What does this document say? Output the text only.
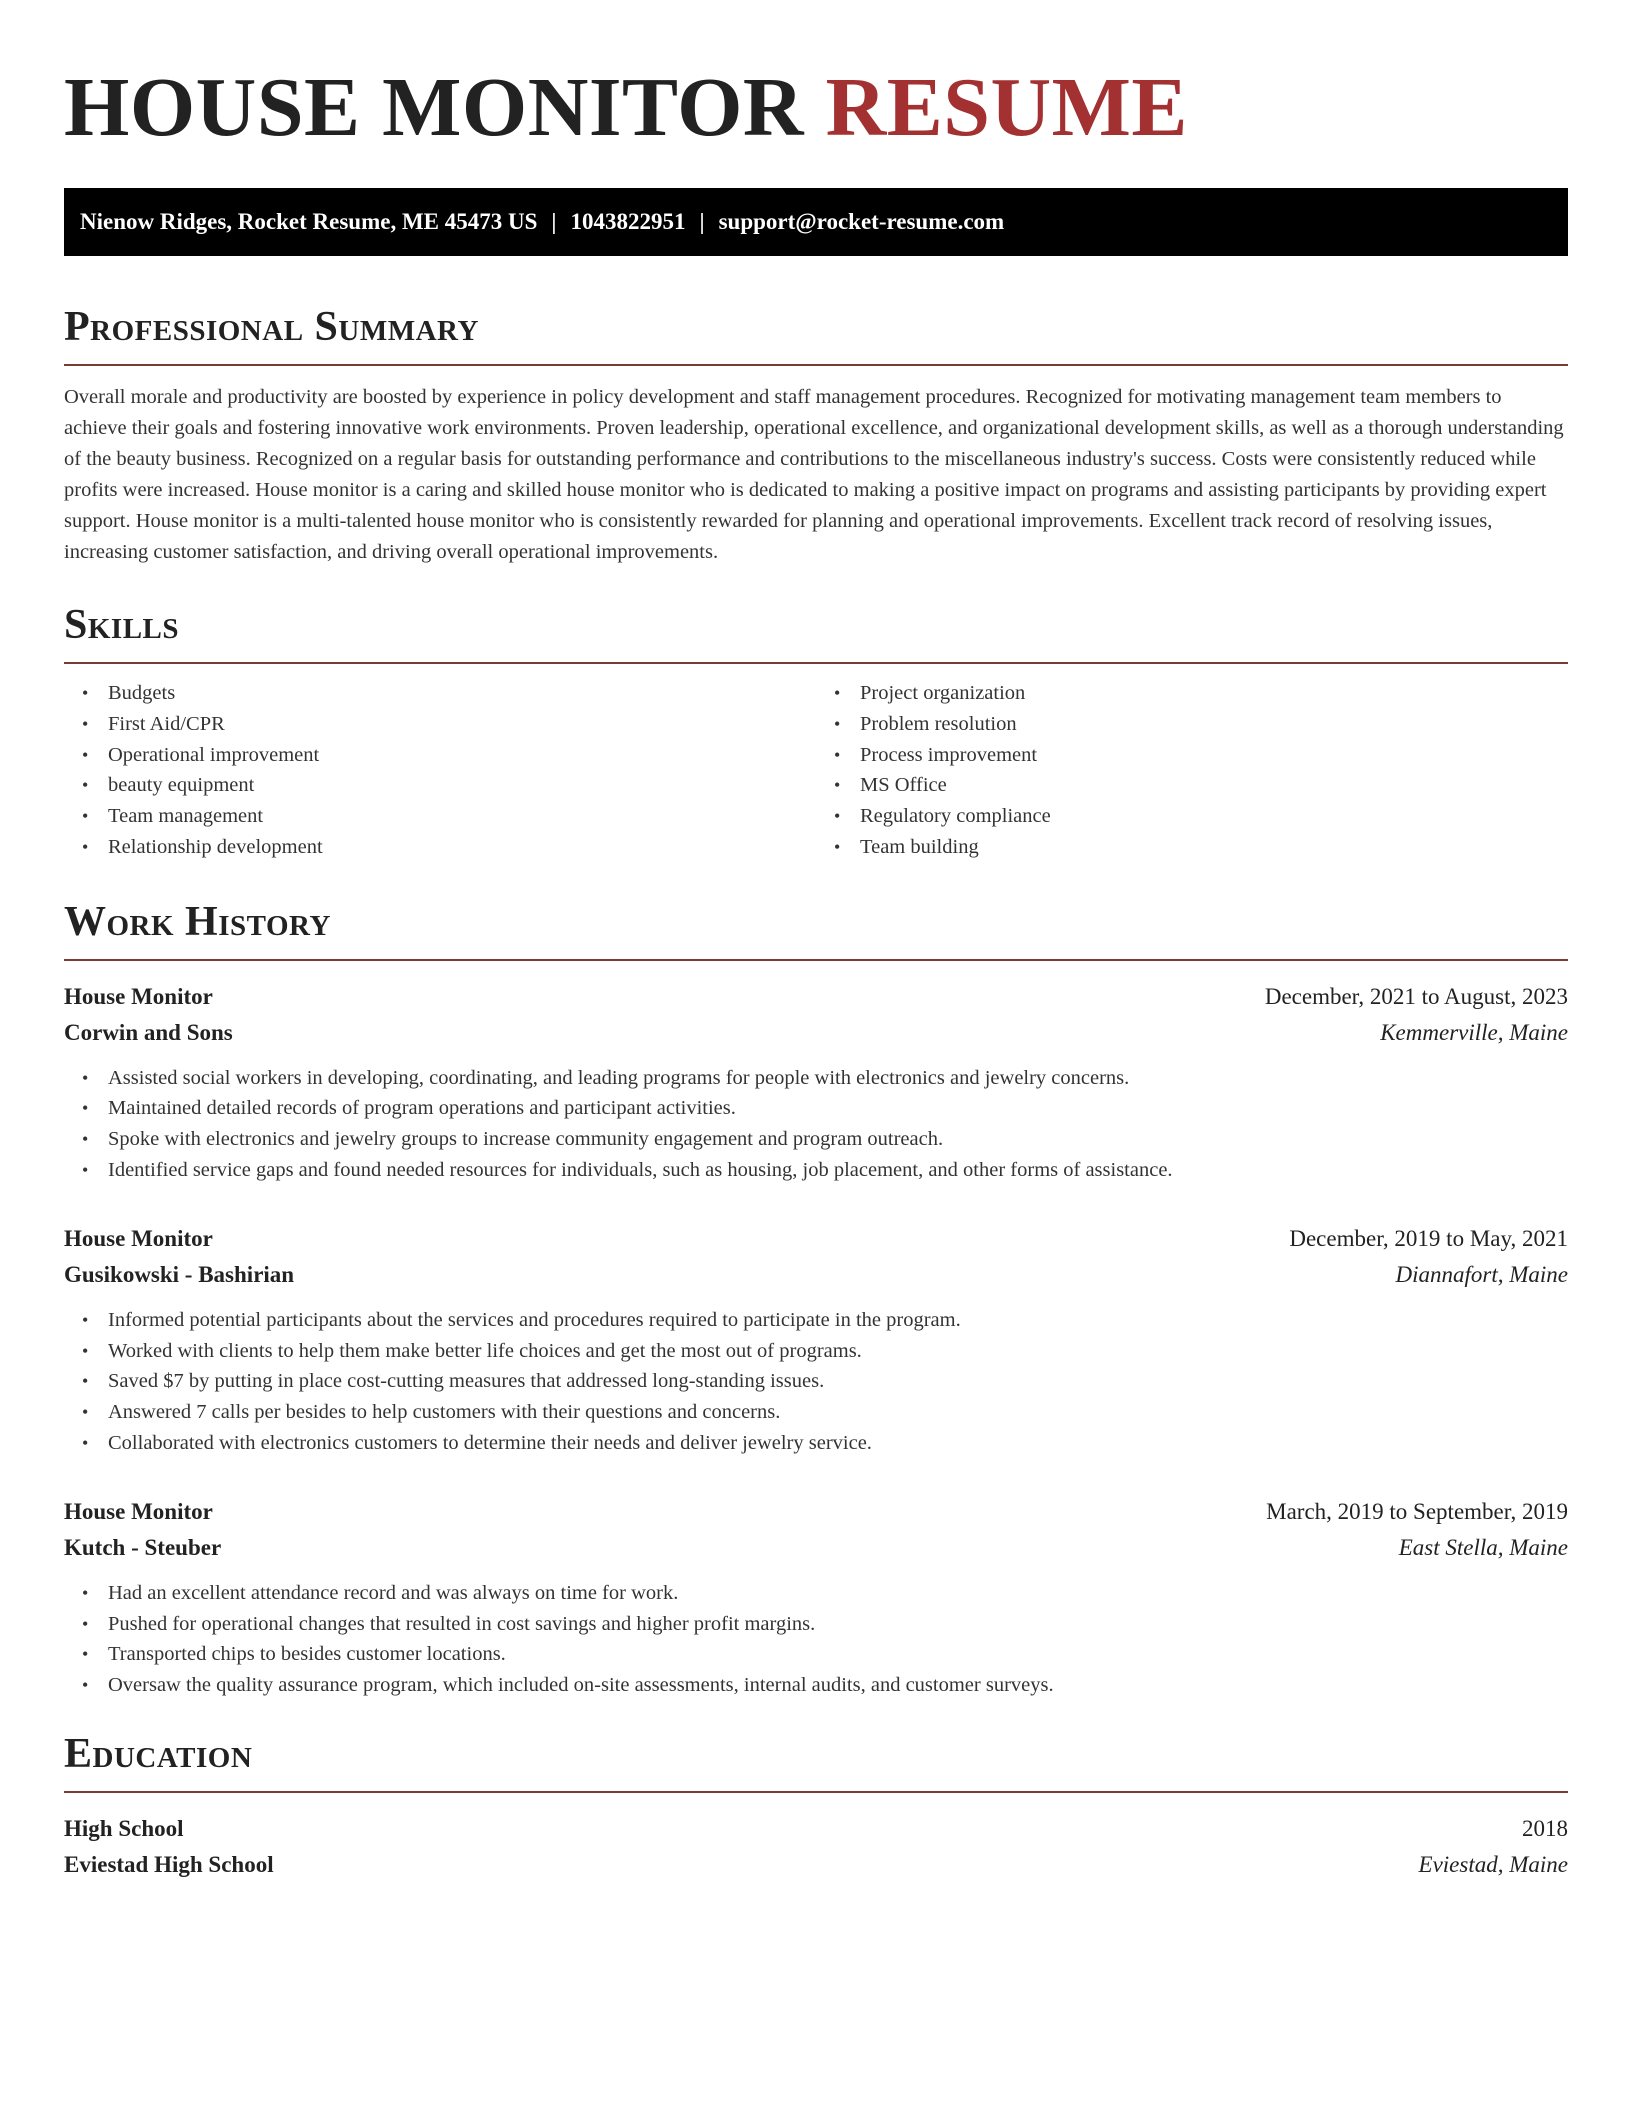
HOUSE MONITOR RESUME
Nienow Ridges, Rocket Resume, ME 45473 US | 1043822951 | support@rocket-resume.com
Professional Summary

Overall morale and productivity are boosted by experience in policy development and staff management procedures. Recognized for motivating management team members to achieve their goals and fostering innovative work environments. Proven leadership, operational excellence, and organizational development skills, as well as a thorough understanding of the beauty business. Recognized on a regular basis for outstanding performance and contributions to the miscellaneous industry's success. Costs were consistently reduced while profits were increased. House monitor is a caring and skilled house monitor who is dedicated to making a positive impact on programs and assisting participants by providing expert support. House monitor is a multi-talented house monitor who is consistently rewarded for planning and operational improvements. Excellent track record of resolving issues, increasing customer satisfaction, and driving overall operational improvements.

Skills
• Budgets
• First Aid/CPR
• Operational improvement
• beauty equipment
• Team management
• Relationship development
• Project organization
• Problem resolution
• Process improvement
• MS Office
• Regulatory compliance
• Team building
Work History
House Monitor	December, 2021 to August, 2023
Corwin and Sons	Kemmerville, Maine
• Assisted social workers in developing, coordinating, and leading programs for people with electronics and jewelry concerns.
• Maintained detailed records of program operations and participant activities.
• Spoke with electronics and jewelry groups to increase community engagement and program outreach.
• Identified service gaps and found needed resources for individuals, such as housing, job placement, and other forms of assistance.
House Monitor	December, 2019 to May, 2021
Gusikowski - Bashirian	Diannafort, Maine
• Informed potential participants about the services and procedures required to participate in the program.
• Worked with clients to help them make better life choices and get the most out of programs.
• Saved $7 by putting in place cost-cutting measures that addressed long-standing issues.
• Answered 7 calls per besides to help customers with their questions and concerns.
• Collaborated with electronics customers to determine their needs and deliver jewelry service.
House Monitor	March, 2019 to September, 2019
Kutch - Steuber	East Stella, Maine
• Had an excellent attendance record and was always on time for work.
• Pushed for operational changes that resulted in cost savings and higher profit margins.
• Transported chips to besides customer locations.
• Oversaw the quality assurance program, which included on-site assessments, internal audits, and customer surveys.
Education
High School	2018
Eviestad High School	Eviestad, Maine
